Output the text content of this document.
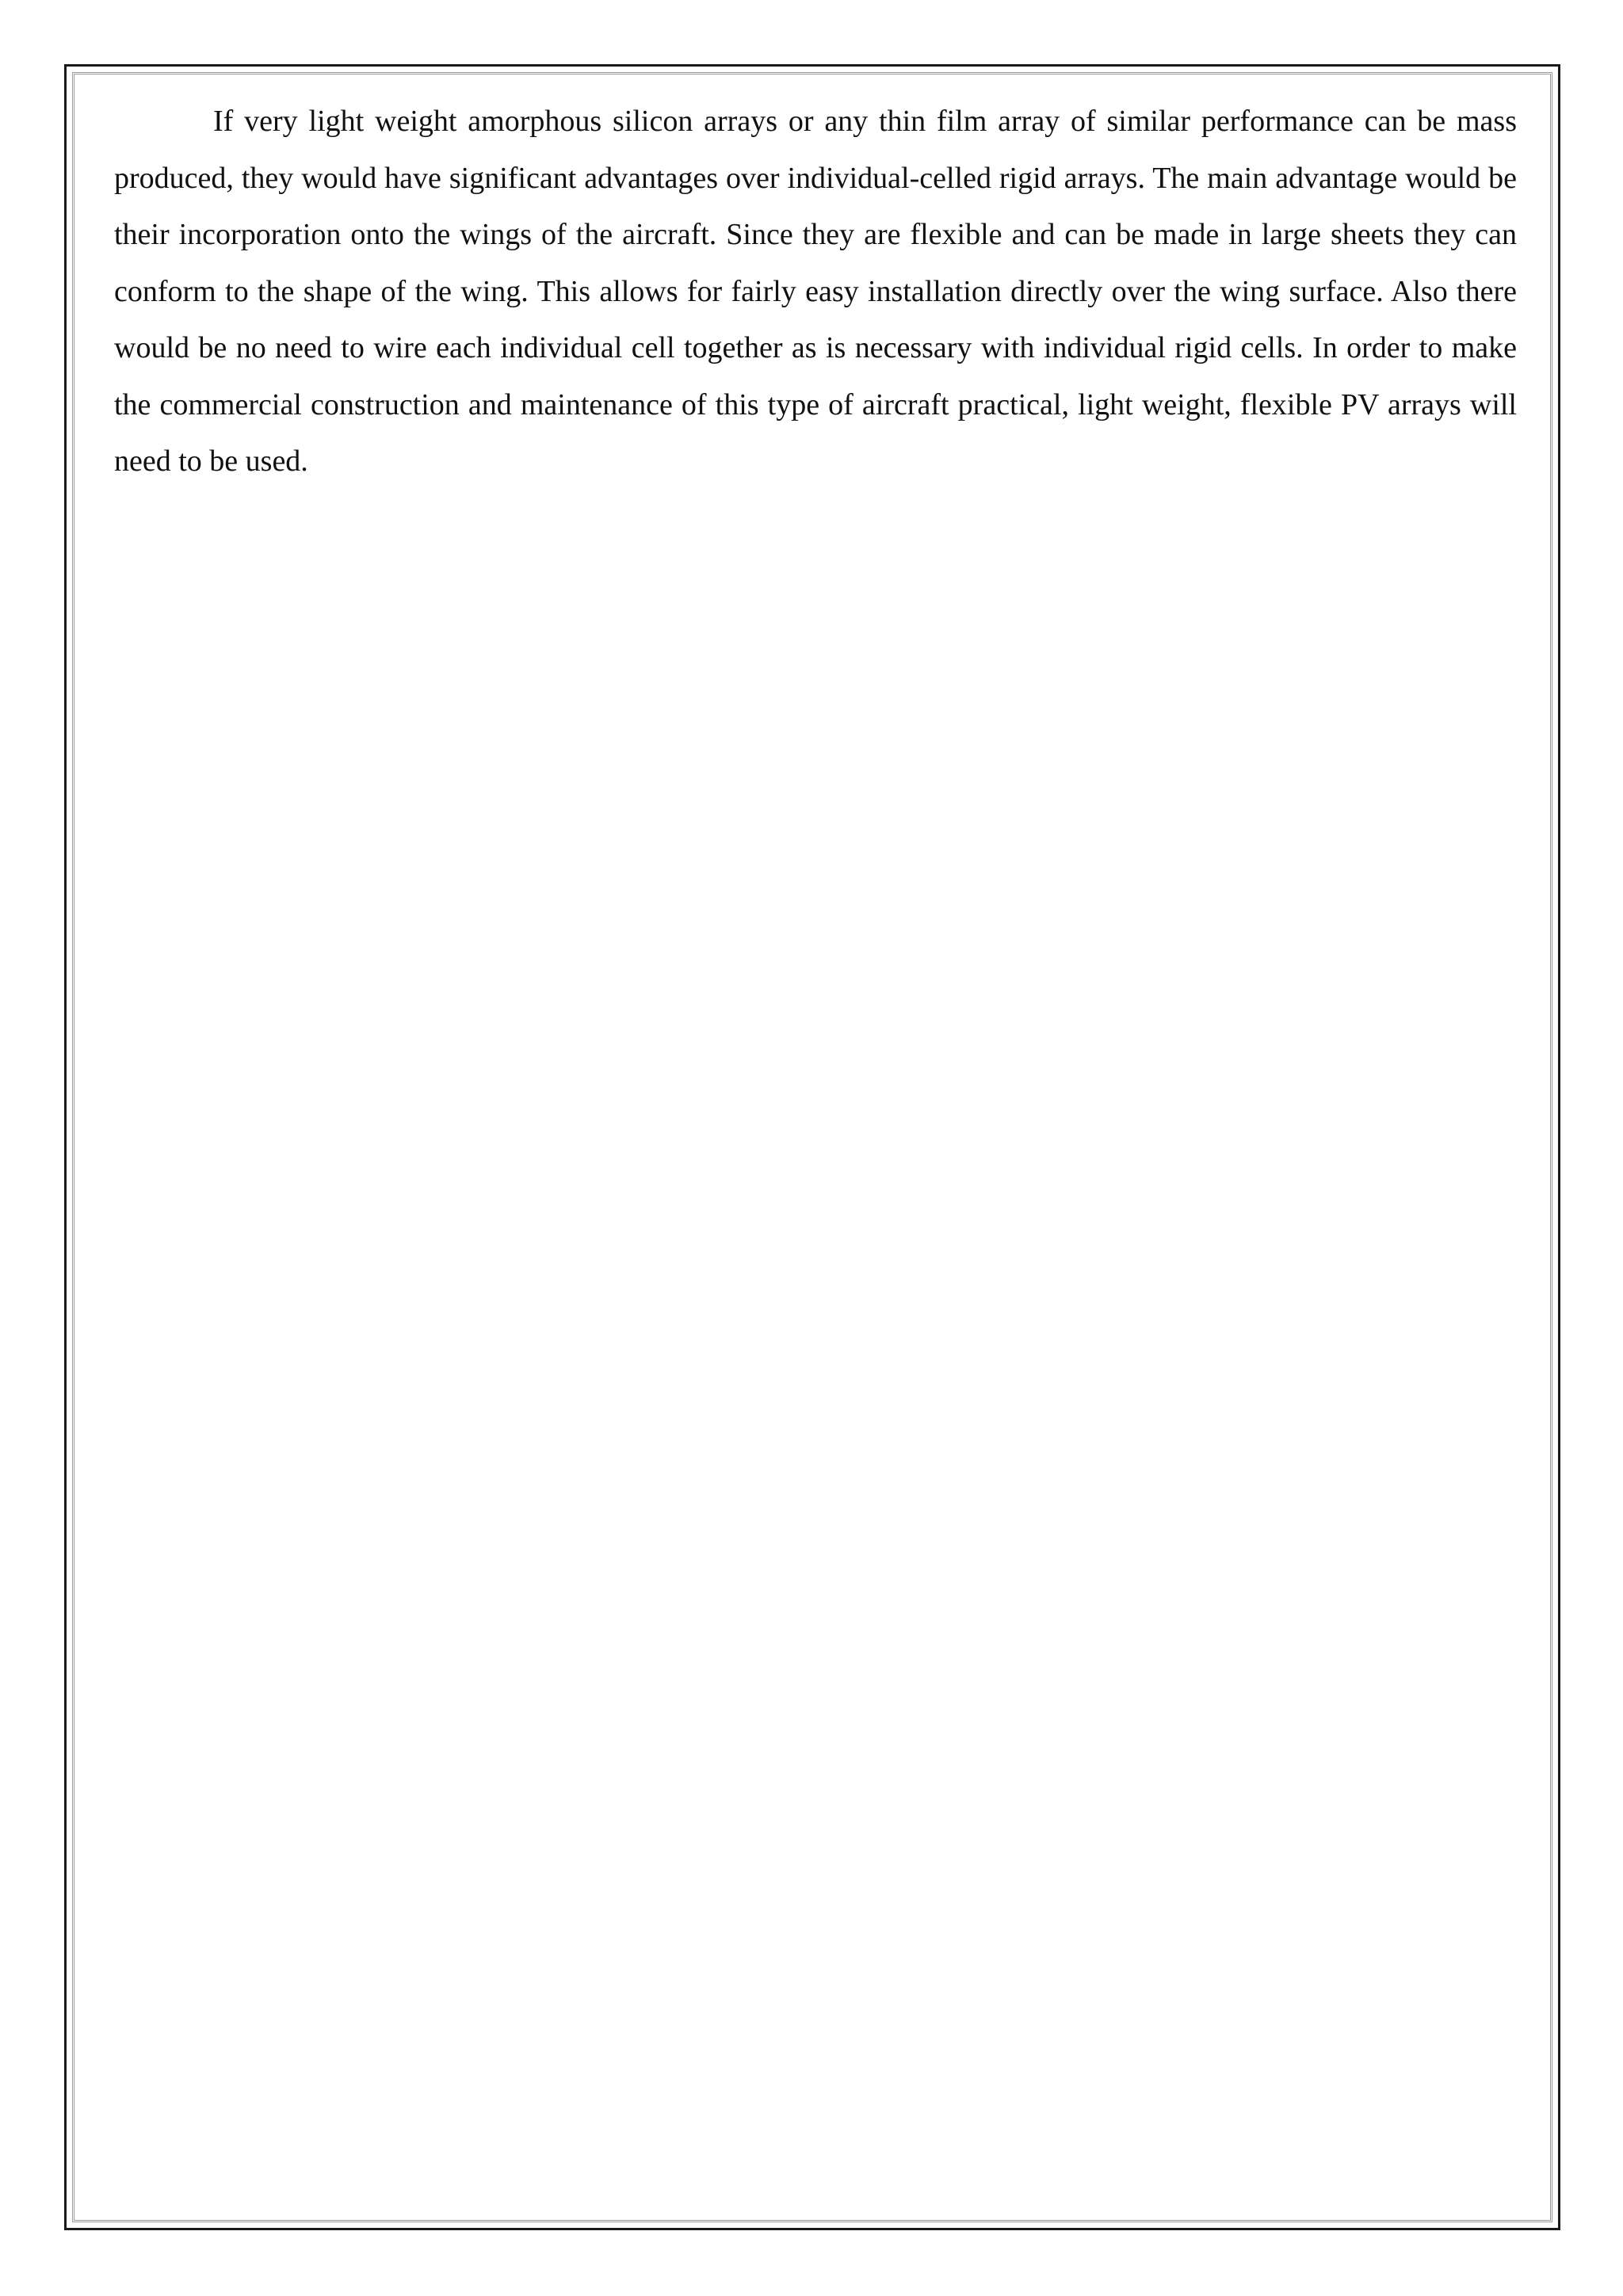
If very light weight amorphous silicon arrays or any thin film array of similar performance can be mass produced, they would have significant advantages over individual-celled rigid arrays. The main advantage would be their incorporation onto the wings of the aircraft. Since they are flexible and can be made in large sheets they can conform to the shape of the wing. This allows for fairly easy installation directly over the wing surface. Also there would be no need to wire each individual cell together as is necessary with individual rigid cells. In order to make the commercial construction and maintenance of this type of aircraft practical, light weight, flexible PV arrays will need to be used.
